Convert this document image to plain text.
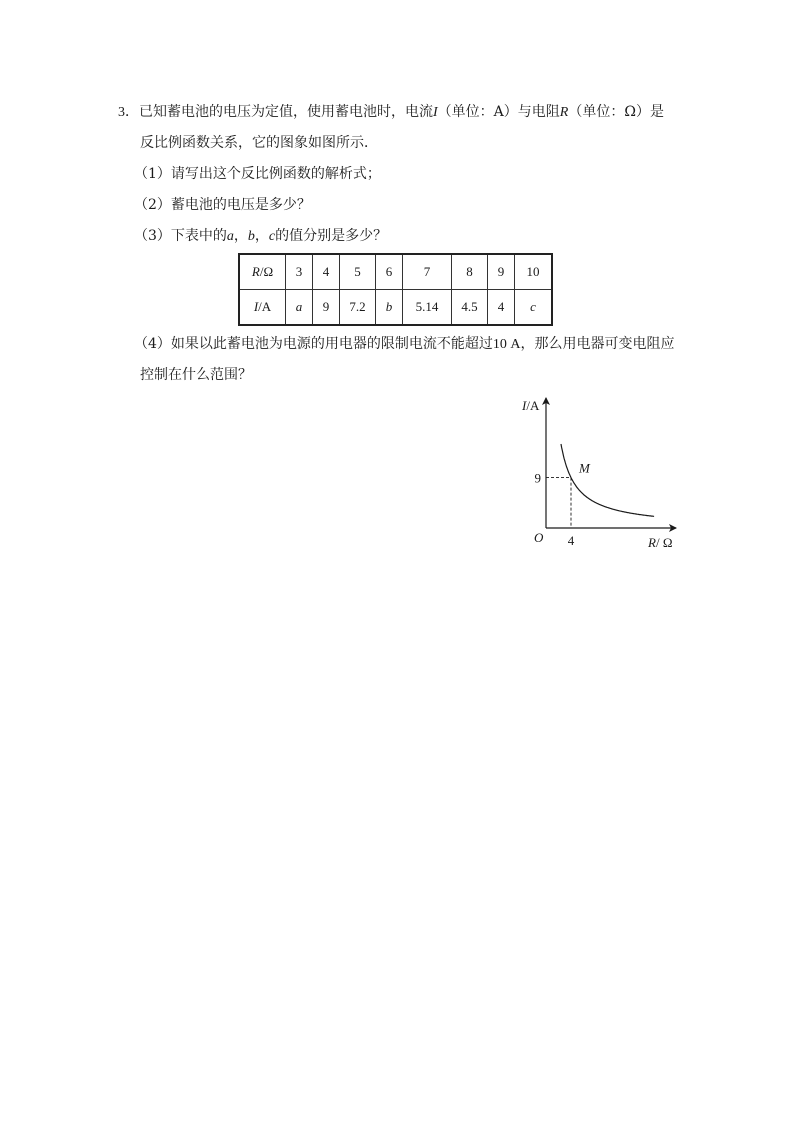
3．已知蓄电池的电压为定值，使用蓄电池时，电流I（单位：A）与电阻R（单位：Ω）是
反比例函数关系，它的图象如图所示．
（1）请写出这个反比例函数的解析式；
（2）蓄电池的电压是多少？
（3）下表中的a，b，c的值分别是多少？
R/Ω	3	4	5	6	7	8	9	10
I/A	a	9	7.2	b	5.14	4.5	4	c
（4）如果以此蓄电池为电源的用电器的限制电流不能超过10 A，那么用电器可变电阻应
控制在什么范围？
I/A
R/ Ω
O
M
4
9
